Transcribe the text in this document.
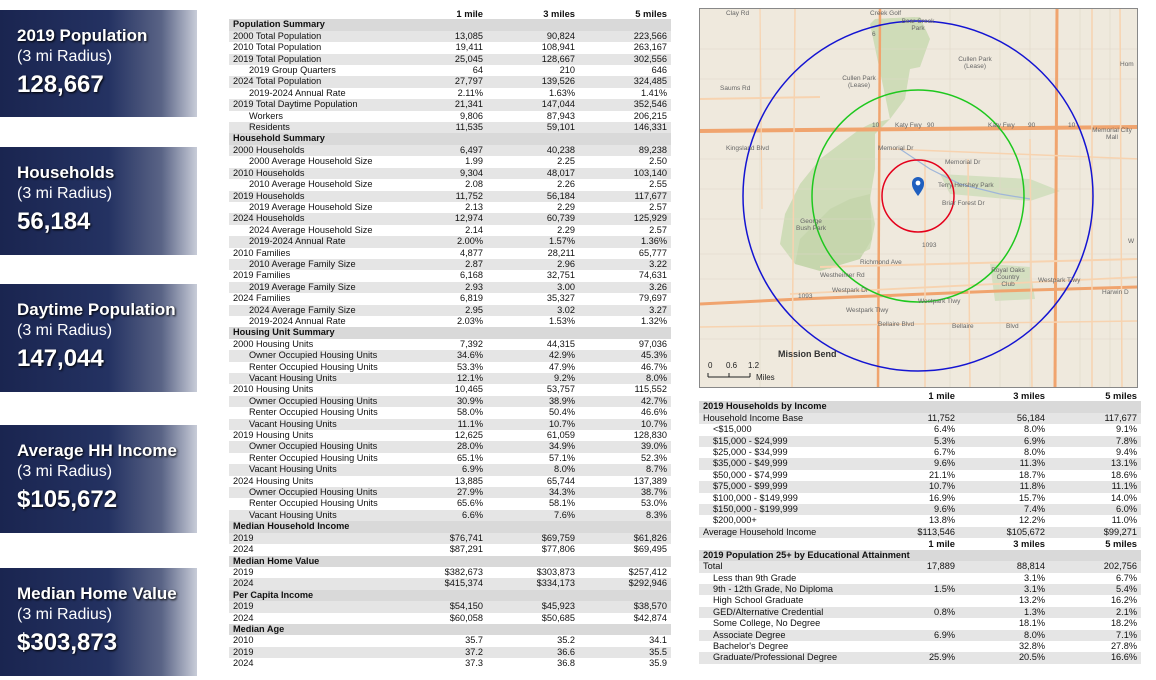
2019 Population
(3 mi Radius)
128,667
Households
(3 mi Radius)
56,184
Daytime Population
(3 mi Radius)
147,044
Average HH Income
(3 mi Radius)
$105,672
Median Home Value
(3 mi Radius)
$303,873
	1 mile	3 miles	5 miles
Population Summary			
2000 Total Population	13,085	90,824	223,566
2010 Total Population	19,411	108,941	263,167
2019 Total Population	25,045	128,667	302,556
2019 Group Quarters	64	210	646
2024 Total Population	27,797	139,526	324,485
2019-2024 Annual Rate	2.11%	1.63%	1.41%
2019 Total Daytime Population	21,341	147,044	352,546
Workers	9,806	87,943	206,215
Residents	11,535	59,101	146,331
Household Summary			
2000 Households	6,497	40,238	89,238
2000 Average Household Size	1.99	2.25	2.50
2010 Households	9,304	48,017	103,140
2010 Average Household Size	2.08	2.26	2.55
2019 Households	11,752	56,184	117,677
2019 Average Household Size	2.13	2.29	2.57
2024 Households	12,974	60,739	125,929
2024 Average Household Size	2.14	2.29	2.57
2019-2024 Annual Rate	2.00%	1.57%	1.36%
2010 Families	4,877	28,211	65,777
2010 Average Family Size	2.87	2.96	3.22
2019 Families	6,168	32,751	74,631
2019 Average Family Size	2.93	3.00	3.26
2024 Families	6,819	35,327	79,697
2024 Average Family Size	2.95	3.02	3.27
2019-2024 Annual Rate	2.03%	1.53%	1.32%
Housing Unit Summary			
2000 Housing Units	7,392	44,315	97,036
Owner Occupied Housing Units	34.6%	42.9%	45.3%
Renter Occupied Housing Units	53.3%	47.9%	46.7%
Vacant Housing Units	12.1%	9.2%	8.0%
2010 Housing Units	10,465	53,757	115,552
Owner Occupied Housing Units	30.9%	38.9%	42.7%
Renter Occupied Housing Units	58.0%	50.4%	46.6%
Vacant Housing Units	11.1%	10.7%	10.7%
2019 Housing Units	12,625	61,059	128,830
Owner Occupied Housing Units	28.0%	34.9%	39.0%
Renter Occupied Housing Units	65.1%	57.1%	52.3%
Vacant Housing Units	6.9%	8.0%	8.7%
2024 Housing Units	13,885	65,744	137,389
Owner Occupied Housing Units	27.9%	34.3%	38.7%
Renter Occupied Housing Units	65.6%	58.1%	53.0%
Vacant Housing Units	6.6%	7.6%	8.3%
Median Household Income			
2019	$76,741	$69,759	$61,826
2024	$87,291	$77,806	$69,495
Median Home Value			
2019	$382,673	$303,873	$257,412
2024	$415,374	$334,173	$292,946
Per Capita Income			
2019	$54,150	$45,923	$38,570
2024	$60,058	$50,685	$42,874
Median Age			
2010	35.7	35.2	34.1
2019	37.2	36.6	35.5
2024	37.3	36.8	35.9
Clay Rd	Creek Golf
Bear Creek Park
6
Saums Rd
Cullen Park (Lease)
Cullen Park (Lease)
Katy Fwy	Katy Fwy
10	10
90	90
Memorial City Mall
Hom
Kingsland Blvd	Memorial Dr
Memorial Dr
Terry Hershey Park
Briar Forest Dr
George Bush Park
1093
1093
Richmond Ave
Westheimer Rd
Westpark Dr
Westpark Tlwy
Westpark Tlwy
Royal Oaks Country Club
Westpark Tlwy
Harwin D
W
Bellaire Blvd	Bellaire	Blvd
Mission Bend
0 0.6 1.2
Miles
	1 mile	3 miles	5 miles
2019 Households by Income			
Household Income Base	11,752	56,184	117,677
<$15,000	6.4%	8.0%	9.1%
$15,000 - $24,999	5.3%	6.9%	7.8%
$25,000 - $34,999	6.7%	8.0%	9.4%
$35,000 - $49,999	9.6%	11.3%	13.1%
$50,000 - $74,999	21.1%	18.7%	18.6%
$75,000 - $99,999	10.7%	11.8%	11.1%
$100,000 - $149,999	16.9%	15.7%	14.0%
$150,000 - $199,999	9.6%	7.4%	6.0%
$200,000+	13.8%	12.2%	11.0%
Average Household Income	$113,546	$105,672	$99,271
	1 mile	3 miles	5 miles
2019 Population 25+ by Educational Attainment			
Total	17,889	88,814	202,756
Less than 9th Grade		3.1%	6.7%
9th - 12th Grade, No Diploma	1.5%	3.1%	5.4%
High School Graduate		13.2%	16.2%
GED/Alternative Credential	0.8%	1.3%	2.1%
Some College, No Degree		18.1%	18.2%
Associate Degree	6.9%	8.0%	7.1%
Bachelor's Degree		32.8%	27.8%
Graduate/Professional Degree	25.9%	20.5%	16.6%
